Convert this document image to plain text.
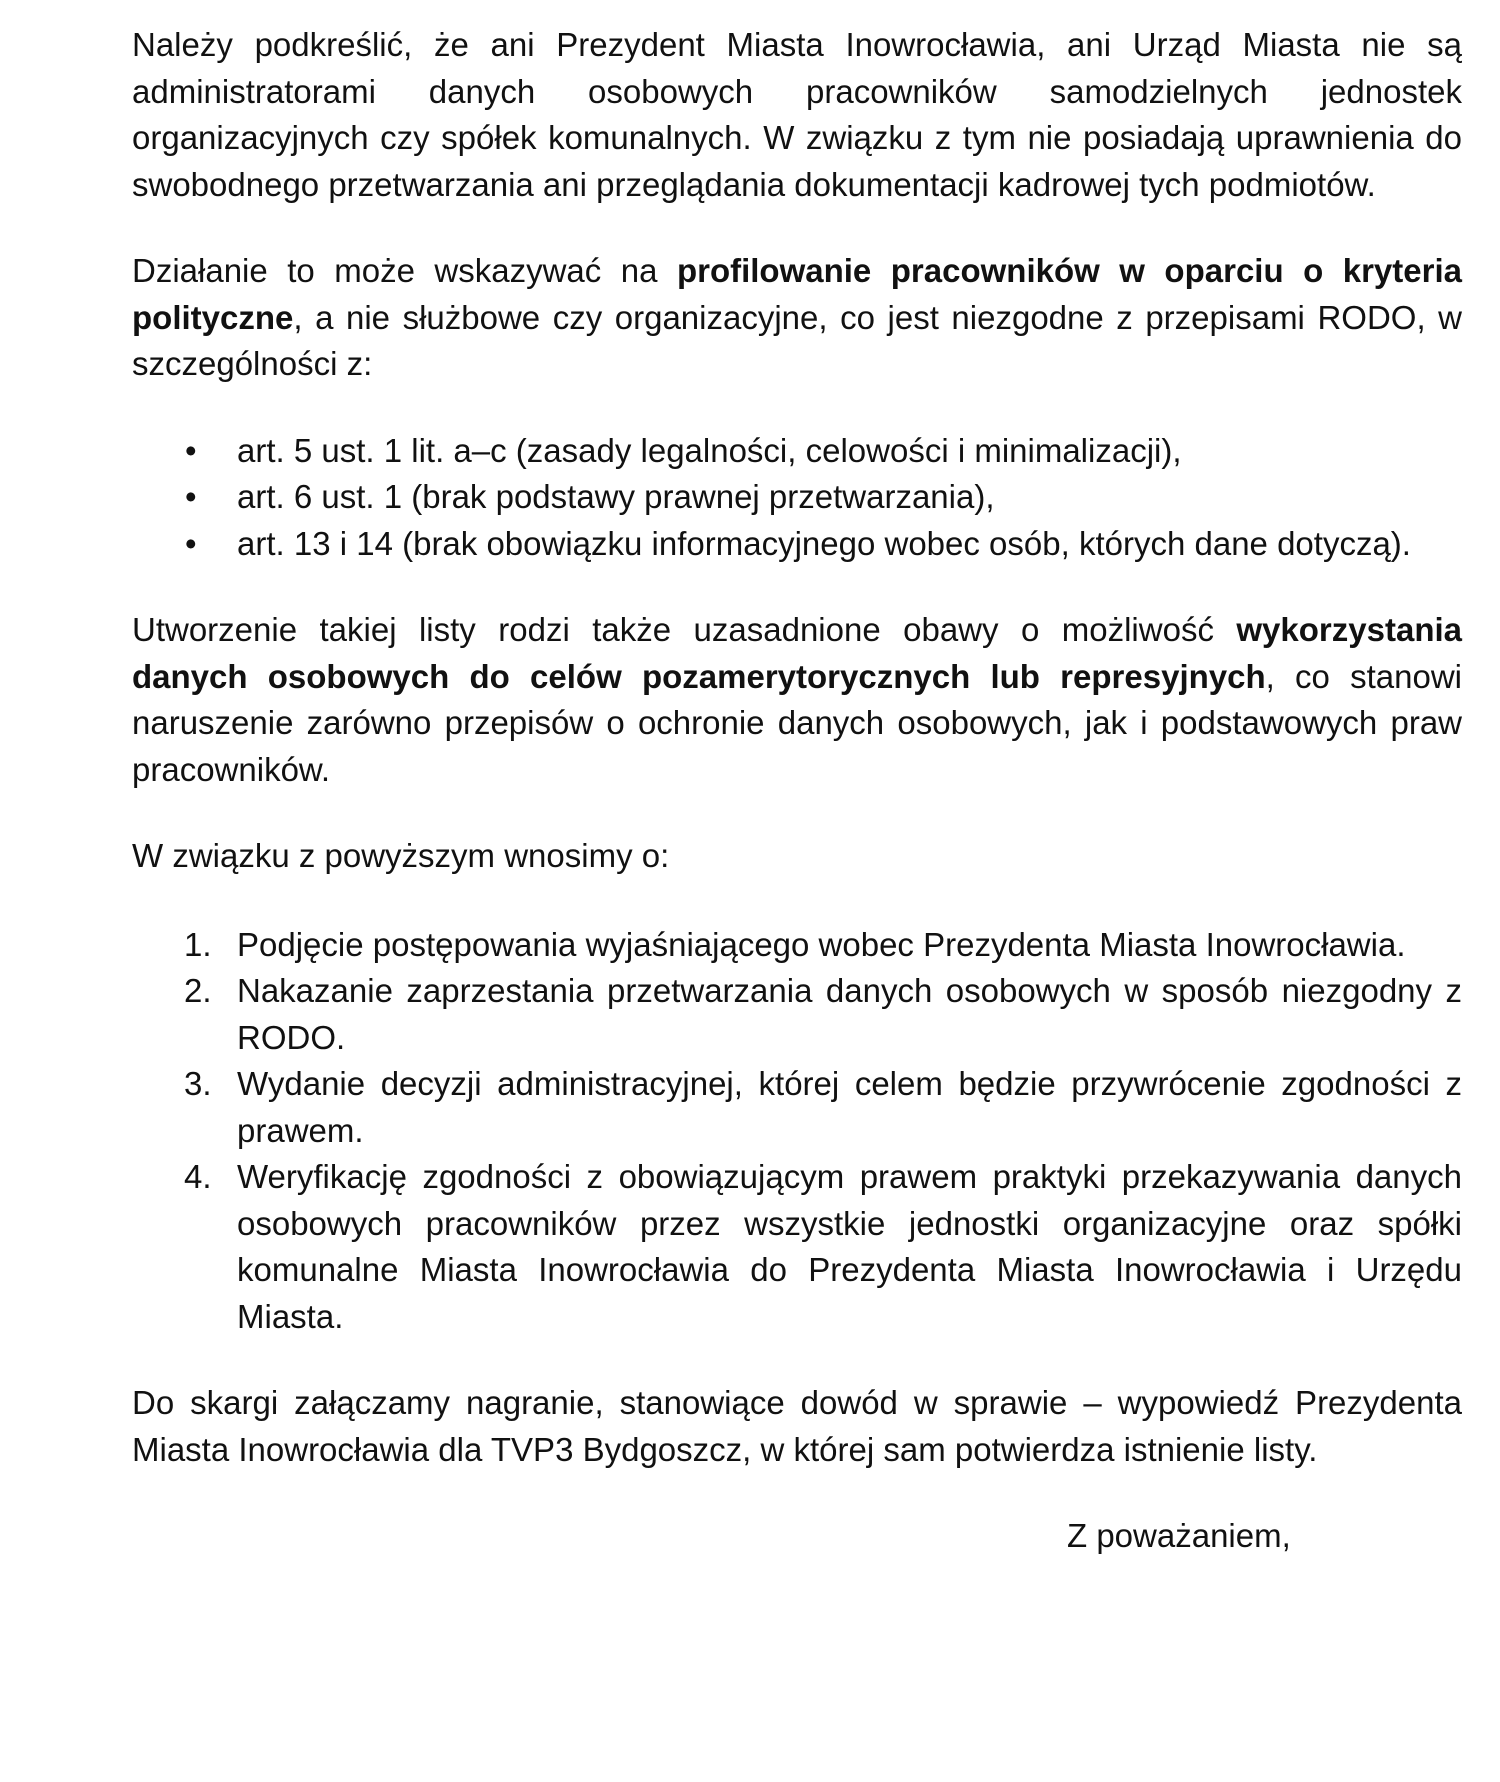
Należy podkreślić, że ani Prezydent Miasta Inowrocławia, ani Urząd Miasta nie są administratorami danych osobowych pracowników samodzielnych jednostek organizacyjnych czy spółek komunalnych. W związku z tym nie posiadają uprawnienia do swobodnego przetwarzania ani przeglądania dokumentacji kadrowej tych podmiotów.

Działanie to może wskazywać na profilowanie pracowników w oparciu o kryteria polityczne, a nie służbowe czy organizacyjne, co jest niezgodne z przepisami RODO, w szczególności z:

• art. 5 ust. 1 lit. a–c (zasady legalności, celowości i minimalizacji),
• art. 6 ust. 1 (brak podstawy prawnej przetwarzania),
• art. 13 i 14 (brak obowiązku informacyjnego wobec osób, których dane dotyczą).

Utworzenie takiej listy rodzi także uzasadnione obawy o możliwość wykorzystania danych osobowych do celów pozamerytorycznych lub represyjnych, co stanowi naruszenie zarówno przepisów o ochronie danych osobowych, jak i podstawowych praw pracowników.

W związku z powyższym wnosimy o:

1. Podjęcie postępowania wyjaśniającego wobec Prezydenta Miasta Inowrocławia.
2. Nakazanie zaprzestania przetwarzania danych osobowych w sposób niezgodny z RODO.
3. Wydanie decyzji administracyjnej, której celem będzie przywrócenie zgodności z prawem.
4. Weryfikację zgodności z obowiązującym prawem praktyki przekazywania danych osobowych pracowników przez wszystkie jednostki organizacyjne oraz spółki komunalne Miasta Inowrocławia do Prezydenta Miasta Inowrocławia i Urzędu Miasta.

Do skargi załączamy nagranie, stanowiące dowód w sprawie – wypowiedź Prezydenta Miasta Inowrocławia dla TVP3 Bydgoszcz, w której sam potwierdza istnienie listy.

Z poważaniem,
